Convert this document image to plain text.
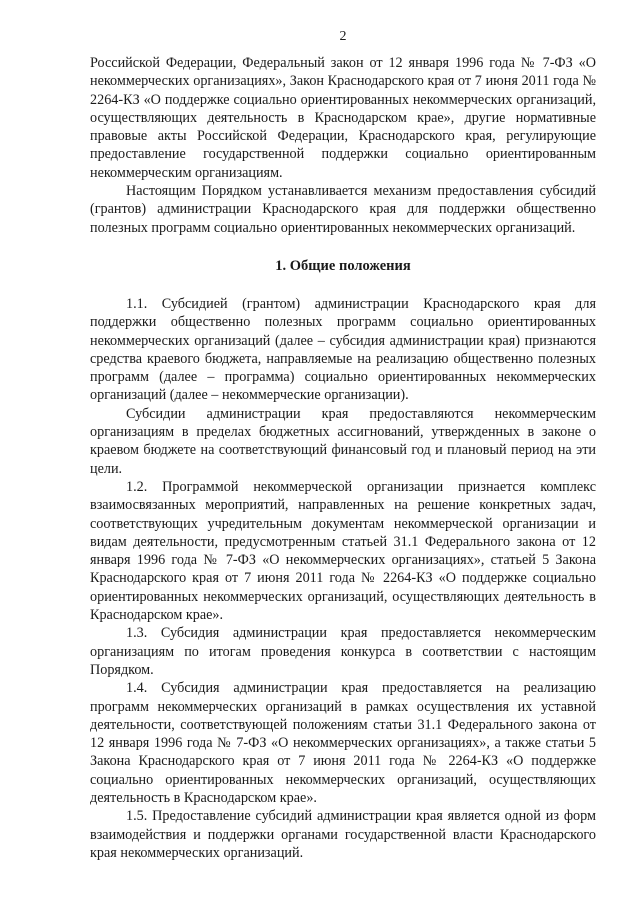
2

Российской Федерации, Федеральный закон от 12 января 1996 года № 7-ФЗ «О некоммерческих организациях», Закон Краснодарского края от 7 июня 2011 года № 2264-КЗ «О поддержке социально ориентированных некоммерческих организаций, осуществляющих деятельность в Краснодарском крае», другие нормативные правовые акты Российской Федерации, Краснодарского края, регулирующие предоставление государственной поддержки социально ориентированным некоммерческим организациям.

Настоящим Порядком устанавливается механизм предоставления субсидий (грантов) администрации Краснодарского края для поддержки общественно полезных программ социально ориентированных некоммерческих организаций.

1. Общие положения

1.1. Субсидией (грантом) администрации Краснодарского края для поддержки общественно полезных программ социально ориентированных некоммерческих организаций (далее – субсидия администрации края) признаются средства краевого бюджета, направляемые на реализацию общественно полезных программ (далее – программа) социально ориентированных некоммерческих организаций (далее – некоммерческие организации).

Субсидии администрации края предоставляются некоммерческим организациям в пределах бюджетных ассигнований, утвержденных в законе о краевом бюджете на соответствующий финансовый год и плановый период на эти цели.

1.2. Программой некоммерческой организации признается комплекс взаимосвязанных мероприятий, направленных на решение конкретных задач, соответствующих учредительным документам некоммерческой организации и видам деятельности, предусмотренным статьей 31.1 Федерального закона от 12 января 1996 года № 7-ФЗ «О некоммерческих организациях», статьей 5 Закона Краснодарского края от 7 июня 2011 года № 2264-КЗ «О поддержке социально ориентированных некоммерческих организаций, осуществляющих деятельность в Краснодарском крае».

1.3. Субсидия администрации края предоставляется некоммерческим организациям по итогам проведения конкурса в соответствии с настоящим Порядком.

1.4. Субсидия администрации края предоставляется на реализацию программ некоммерческих организаций в рамках осуществления их уставной деятельности, соответствующей положениям статьи 31.1 Федерального закона от 12 января 1996 года № 7-ФЗ «О некоммерческих организациях», а также статьи 5 Закона Краснодарского края от 7 июня 2011 года № 2264-КЗ «О поддержке социально ориентированных некоммерческих организаций, осуществляющих деятельность в Краснодарском крае».

1.5. Предоставление субсидий администрации края является одной из форм взаимодействия и поддержки органами государственной власти Краснодарского края некоммерческих организаций.
